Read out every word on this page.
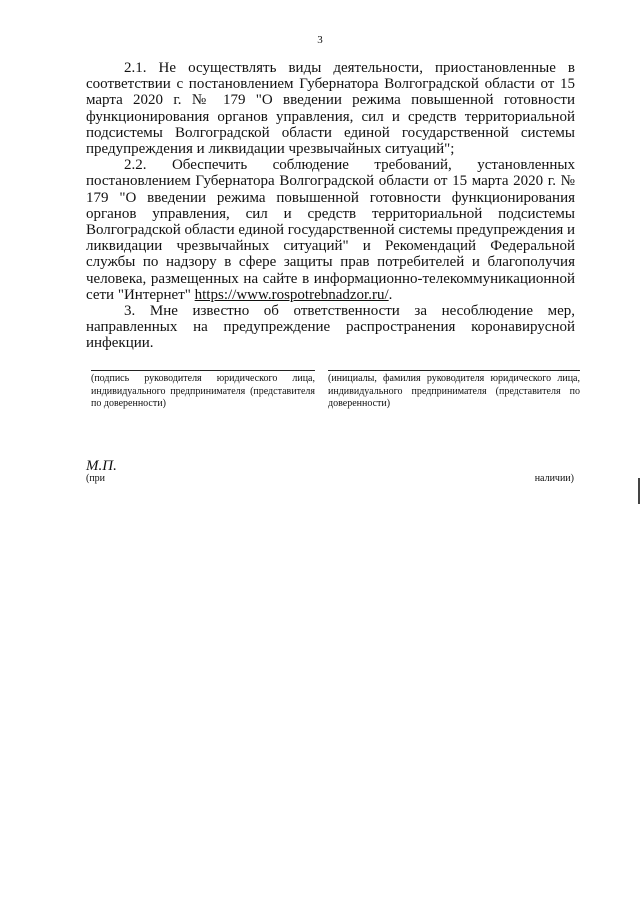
3

2.1. Не осуществлять виды деятельности, приостановленные в соответствии с постановлением Губернатора Волгоградской области от 15 марта 2020 г. № 179 "О введении режима повышенной готовности функционирования органов управления, сил и средств территориальной подсистемы Волгоградской области единой государственной системы предупреждения и ликвидации чрезвычайных ситуаций";

2.2. Обеспечить соблюдение требований, установленных постановлением Губернатора Волгоградской области от 15 марта 2020 г. № 179 "О введении режима повышенной готовности функционирования органов управления, сил и средств территориальной подсистемы Волгоградской области единой государственной системы предупреждения и ликвидации чрезвычайных ситуаций" и Рекомендаций Федеральной службы по надзору в сфере защиты прав потребителей и благополучия человека, размещенных на сайте в информационно-телекоммуникационной сети "Интернет" https://www.rospotrebnadzor.ru/.

3. Мне известно об ответственности за несоблюдение мер, направленных на предупреждение распространения коронавирусной инфекции.

(подпись руководителя юридического лица, индивидуального предпринимателя (представителя по доверенности)
(инициалы, фамилия руководителя юридического лица, индивидуального предпринимателя (представителя по доверенности)
М.П.
(при	наличии)
